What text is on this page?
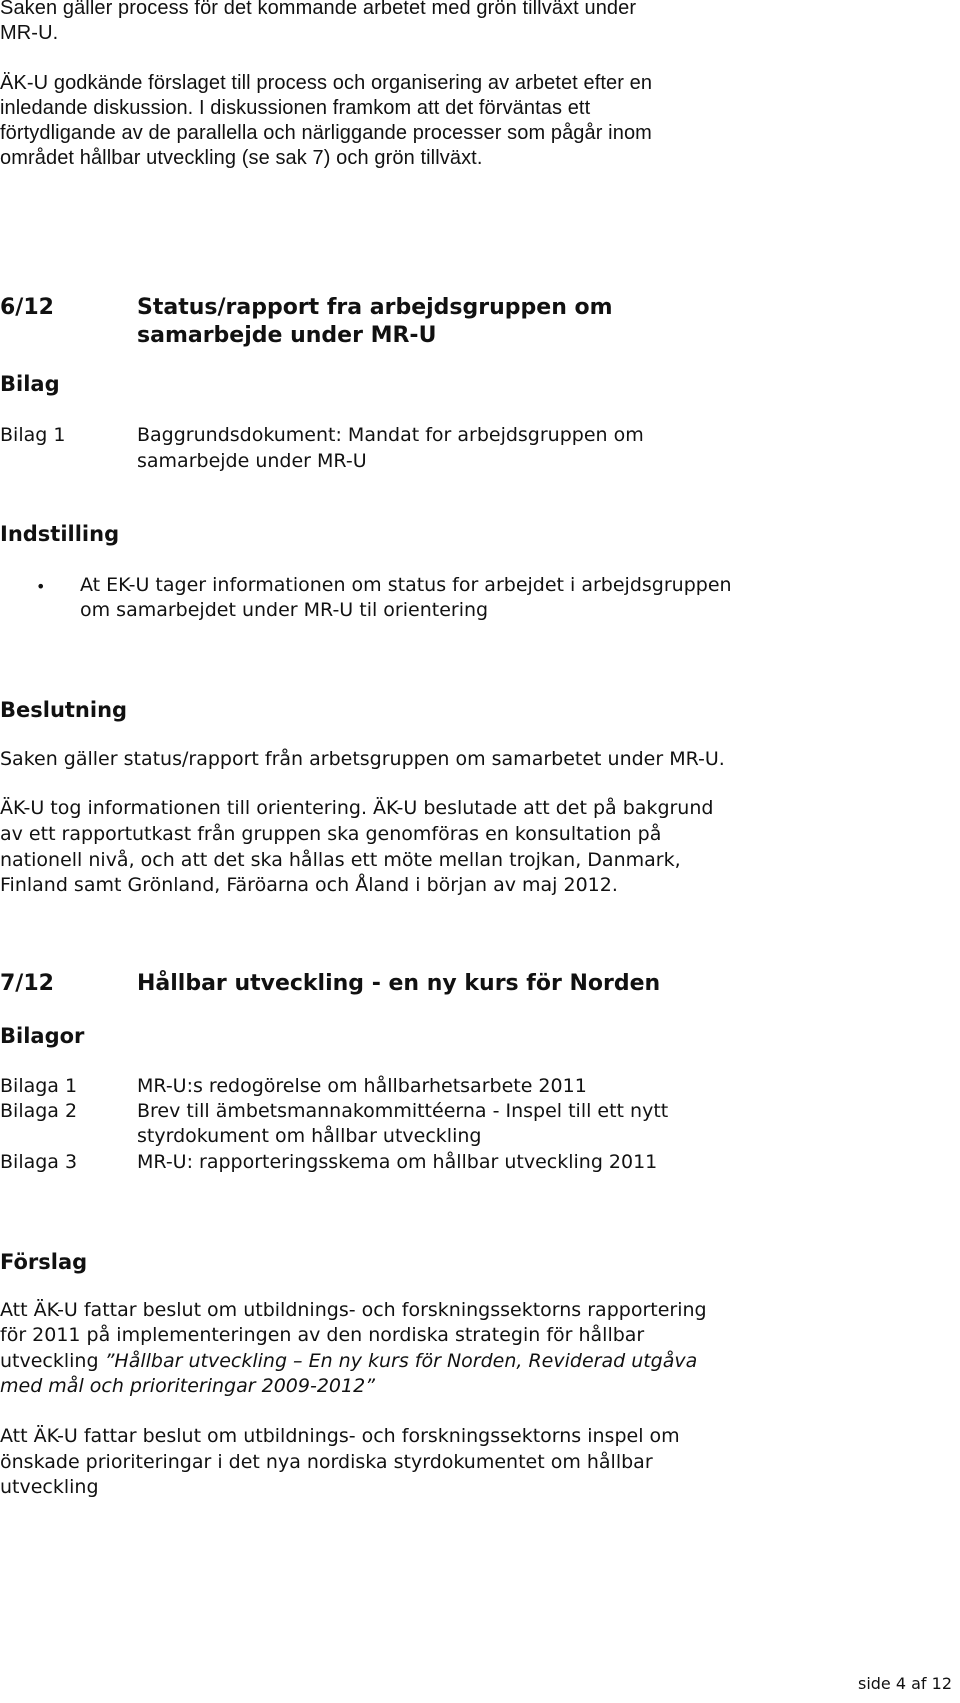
Saken gäller process för det kommande arbetet med grön tillväxt under
MR-U.
ÄK-U godkände förslaget till process och organisering av arbetet efter en
inledande diskussion. I diskussionen framkom att det förväntas ett
förtydligande av de parallella och närliggande processer som pågår inom
området hållbar utveckling (se sak 7) och grön tillväxt.
6/12	Status/rapport fra arbejdsgruppen om
samarbejde under MR-U
Bilag
Bilag 1	Baggrundsdokument: Mandat for arbejdsgruppen om
samarbejde under MR-U
Indstilling
• At EK-U tager informationen om status for arbejdet i arbejdsgruppen
om samarbejdet under MR-U til orientering
Beslutning
Saken gäller status/rapport från arbetsgruppen om samarbetet under MR-U.
ÄK-U tog informationen till orientering. ÄK-U beslutade att det på bakgrund
av ett rapportutkast från gruppen ska genomföras en konsultation på
nationell nivå, och att det ska hållas ett möte mellan trojkan, Danmark,
Finland samt Grönland, Färöarna och Åland i början av maj 2012.
7/12	Hållbar utveckling - en ny kurs för Norden
Bilagor
Bilaga 1	MR-U:s redogörelse om hållbarhetsarbete 2011
Bilaga 2	Brev till ämbetsmannakommittéerna - Inspel till ett nytt
styrdokument om hållbar utveckling
Bilaga 3	MR-U: rapporteringsskema om hållbar utveckling 2011
Förslag
Att ÄK-U fattar beslut om utbildnings- och forskningssektorns rapportering
för 2011 på implementeringen av den nordiska strategin för hållbar
utveckling ”Hållbar utveckling – En ny kurs för Norden, Reviderad utgåva
med mål och prioriteringar 2009-2012”
Att ÄK-U fattar beslut om utbildnings- och forskningssektorns inspel om
önskade prioriteringar i det nya nordiska styrdokumentet om hållbar
utveckling
side 4 af 12
